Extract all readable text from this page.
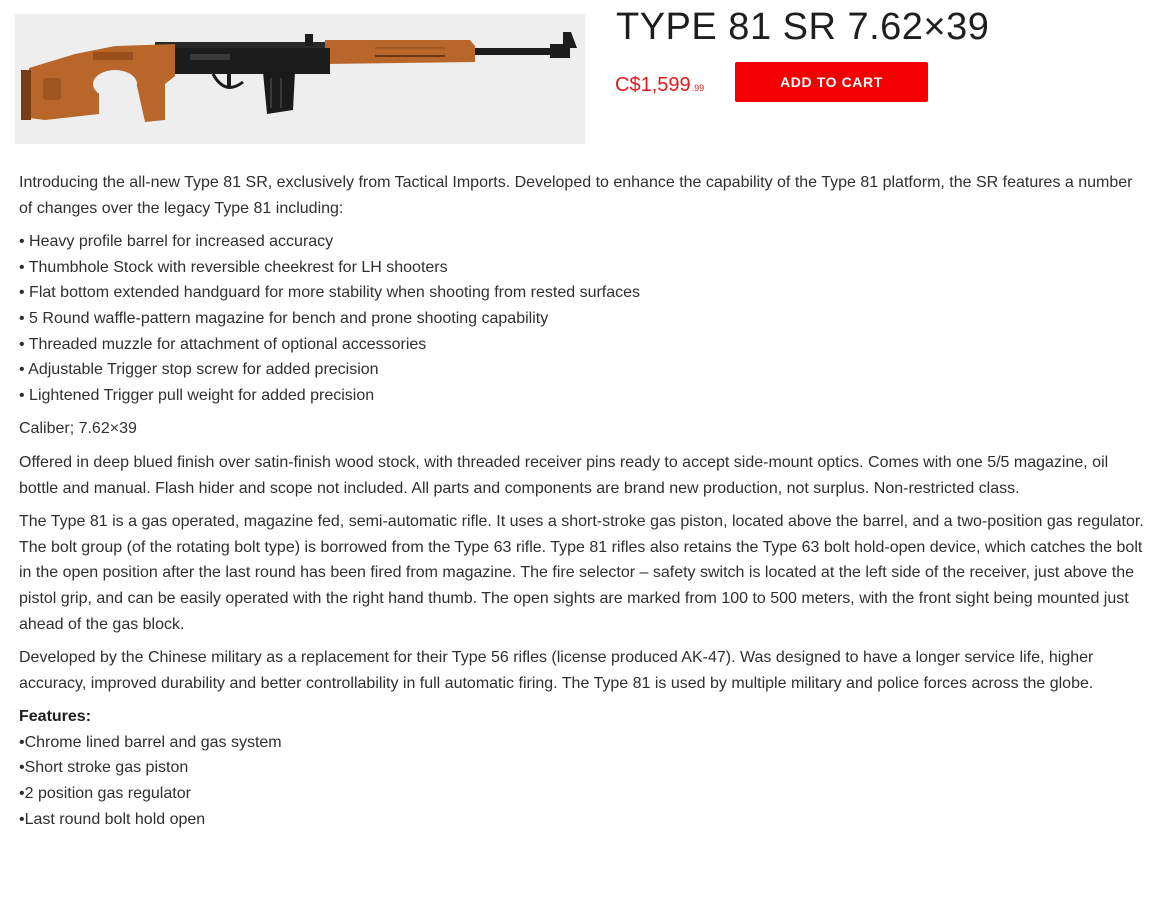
TYPE 81 SR 7.62×39
C$1,599.99	ADD TO CART

Introducing the all-new Type 81 SR, exclusively from Tactical Imports. Developed to enhance the capability of the Type 81 platform, the SR features a number of changes over the legacy Type 81 including:

• Heavy profile barrel for increased accuracy
• Thumbhole Stock with reversible cheekrest for LH shooters
• Flat bottom extended handguard for more stability when shooting from rested surfaces
• 5 Round waffle-pattern magazine for bench and prone shooting capability
• Threaded muzzle for attachment of optional accessories
• Adjustable Trigger stop screw for added precision
• Lightened Trigger pull weight for added precision

Caliber; 7.62×39

Offered in deep blued finish over satin-finish wood stock, with threaded receiver pins ready to accept side-mount optics. Comes with one 5/5 magazine, oil bottle and manual. Flash hider and scope not included. All parts and components are brand new production, not surplus. Non-restricted class.

The Type 81 is a gas operated, magazine fed, semi-automatic rifle. It uses a short-stroke gas piston, located above the barrel, and a two-position gas regulator. The bolt group (of the rotating bolt type) is borrowed from the Type 63 rifle. Type 81 rifles also retains the Type 63 bolt hold-open device, which catches the bolt in the open position after the last round has been fired from magazine. The fire selector – safety switch is located at the left side of the receiver, just above the pistol grip, and can be easily operated with the right hand thumb. The open sights are marked from 100 to 500 meters, with the front sight being mounted just ahead of the gas block.

Developed by the Chinese military as a replacement for their Type 56 rifles (license produced AK-47). Was designed to have a longer service life, higher accuracy, improved durability and better controllability in full automatic firing. The Type 81 is used by multiple military and police forces across the globe.

Features:
•Chrome lined barrel and gas system
•Short stroke gas piston
•2 position gas regulator
•Last round bolt hold open
